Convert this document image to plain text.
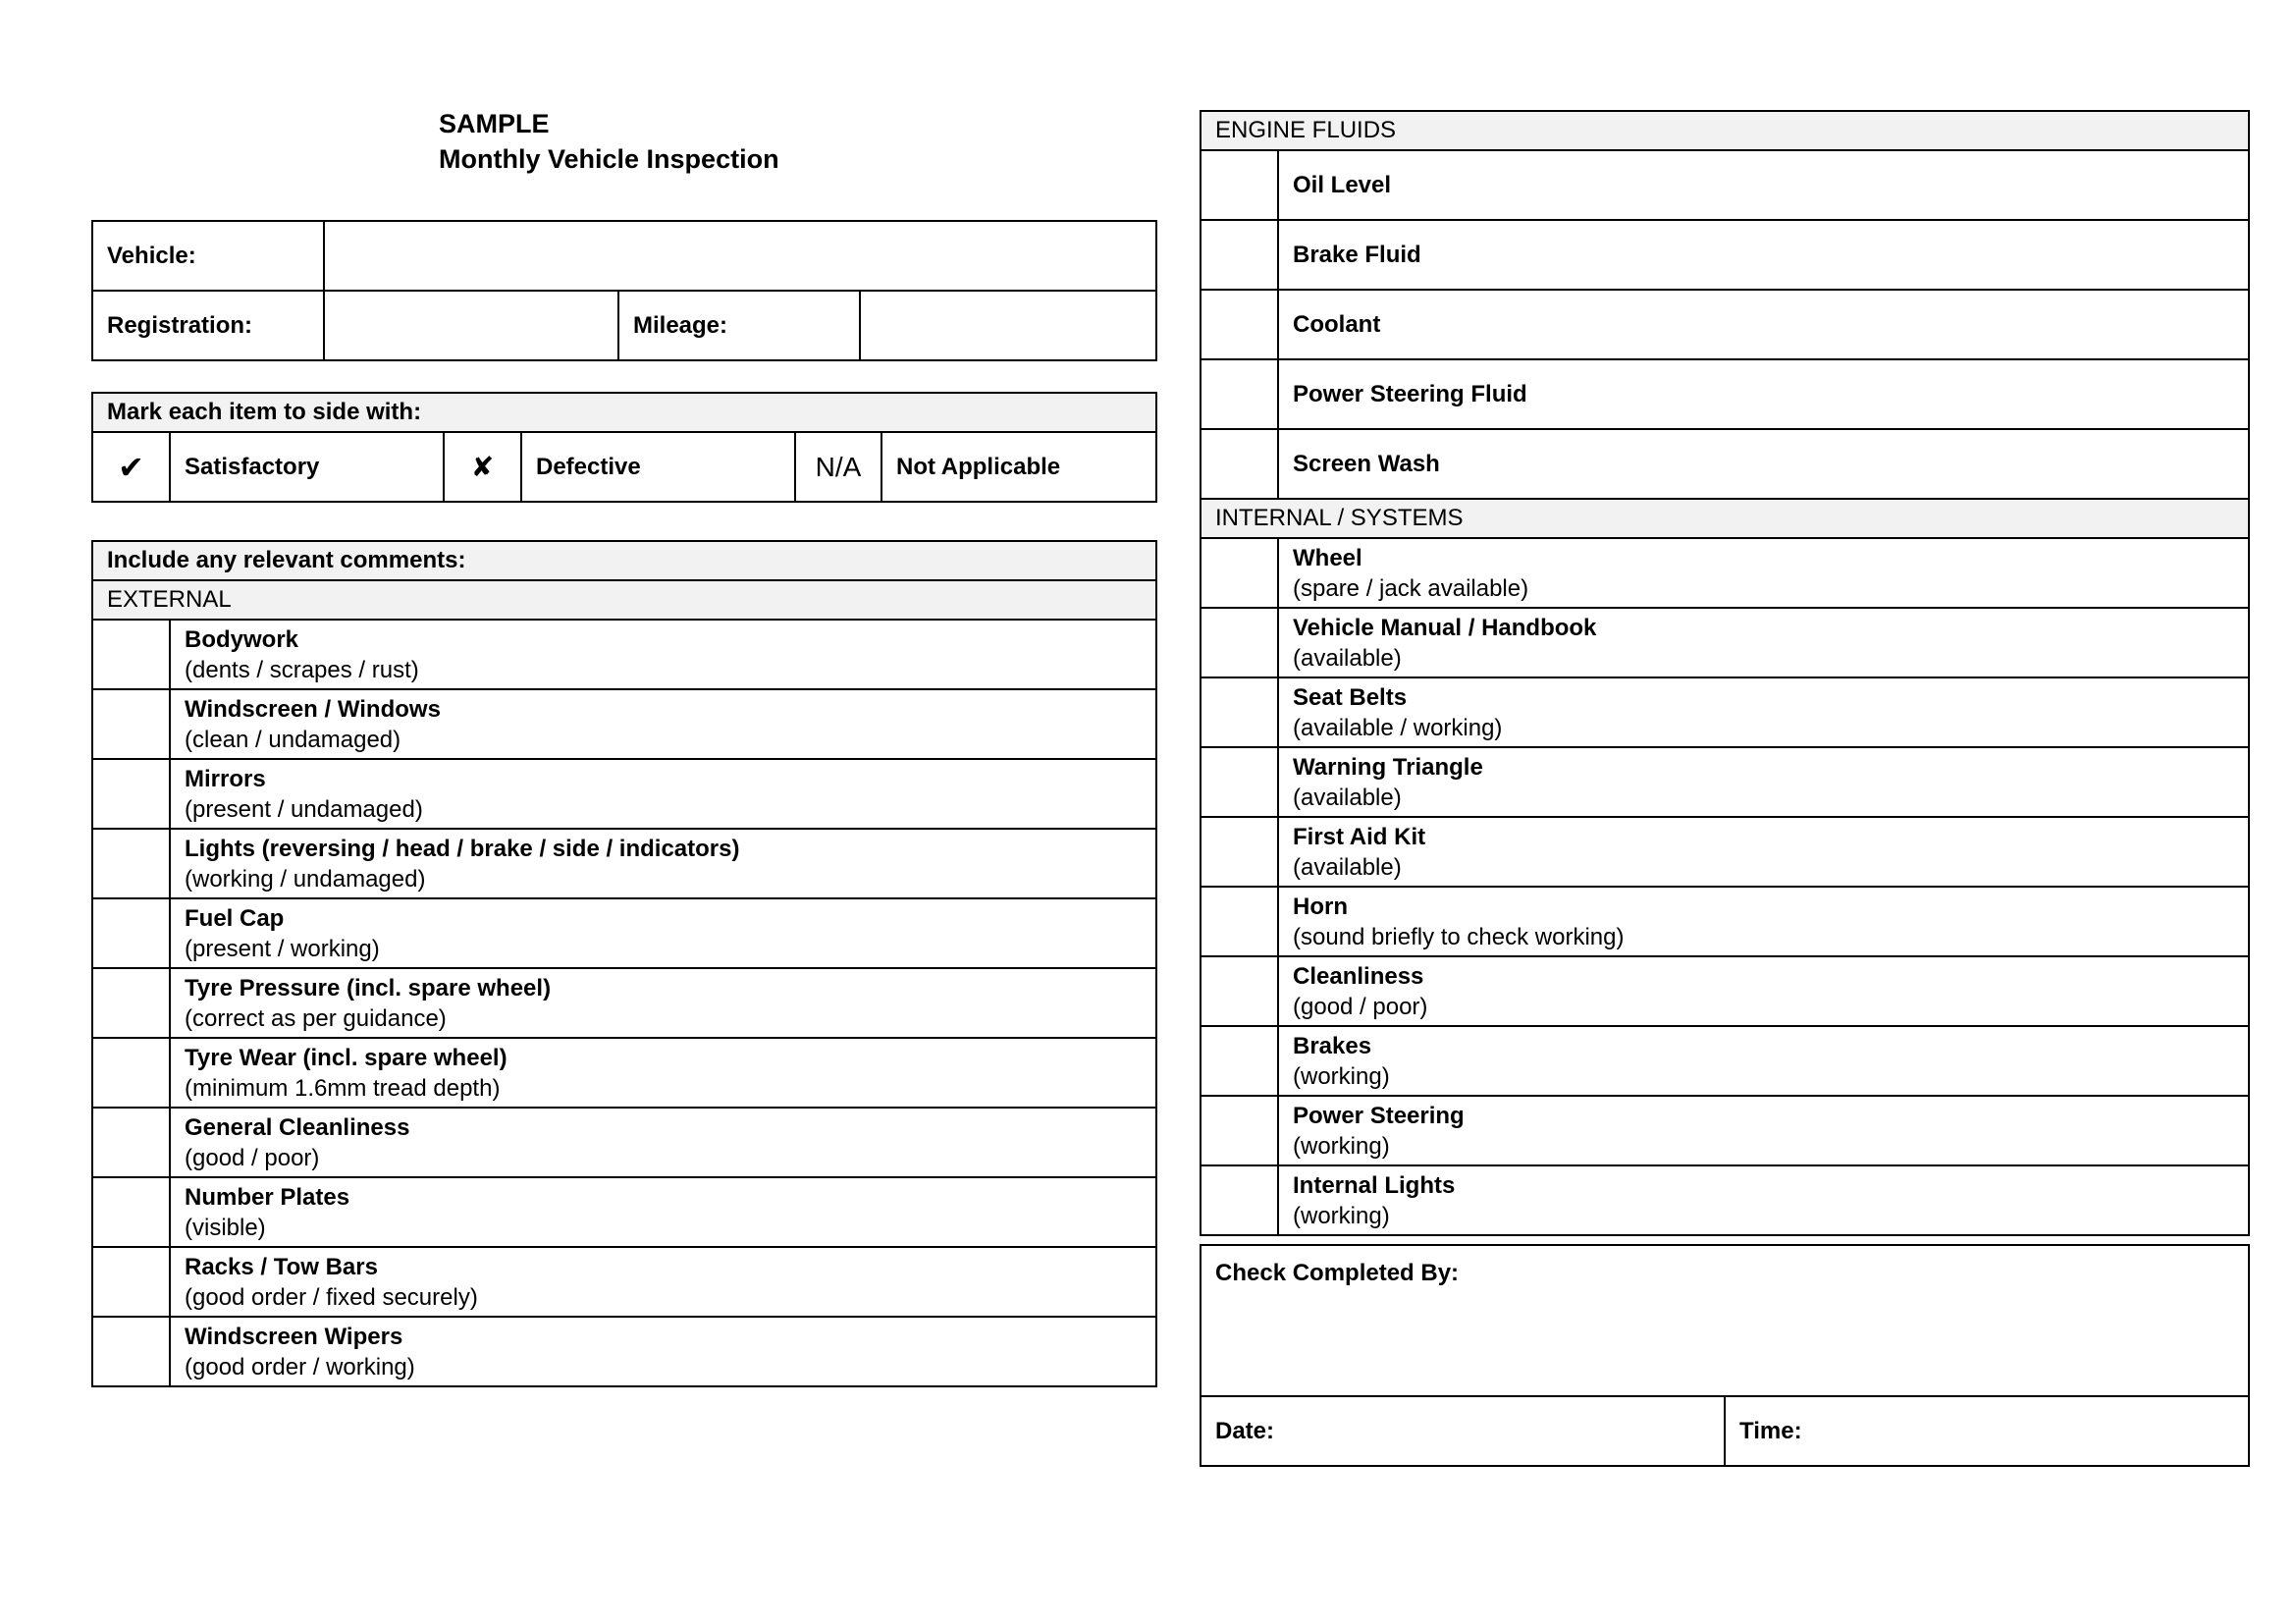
SAMPLE
Monthly Vehicle Inspection
Vehicle:			
Registration:		Mileage:	
Mark each item to side with:
✔	Satisfactory	✘	Defective	N/A	Not Applicable
Include any relevant comments:	
EXTERNAL	

	Bodywork
(dents / scrapes / rust)

	Windscreen / Windows
(clean / undamaged)

	Mirrors
(present / undamaged)

	Lights (reversing / head / brake / side / indicators)
(working / undamaged)

	Fuel Cap
(present / working)

	Tyre Pressure (incl. spare wheel)
(correct as per guidance)

	Tyre Wear (incl. spare wheel)
(minimum 1.6mm tread depth)

	General Cleanliness
(good / poor)

	Number Plates
(visible)

	Racks / Tow Bars
(good order / fixed securely)

	Windscreen Wipers
(good order / working)
ENGINE FLUIDS	
	Oil Level
	Brake Fluid
	Coolant
	Power Steering Fluid
	Screen Wash
INTERNAL / SYSTEMS	

	Wheel
(spare / jack available)

	Vehicle Manual / Handbook
(available)

	Seat Belts
(available / working)

	Warning Triangle
(available)

	First Aid Kit
(available)

	Horn
(sound briefly to check working)

	Cleanliness
(good / poor)

	Brakes
(working)

	Power Steering
(working)

	Internal Lights
(working)
Check Completed By:
Date:	Time:
